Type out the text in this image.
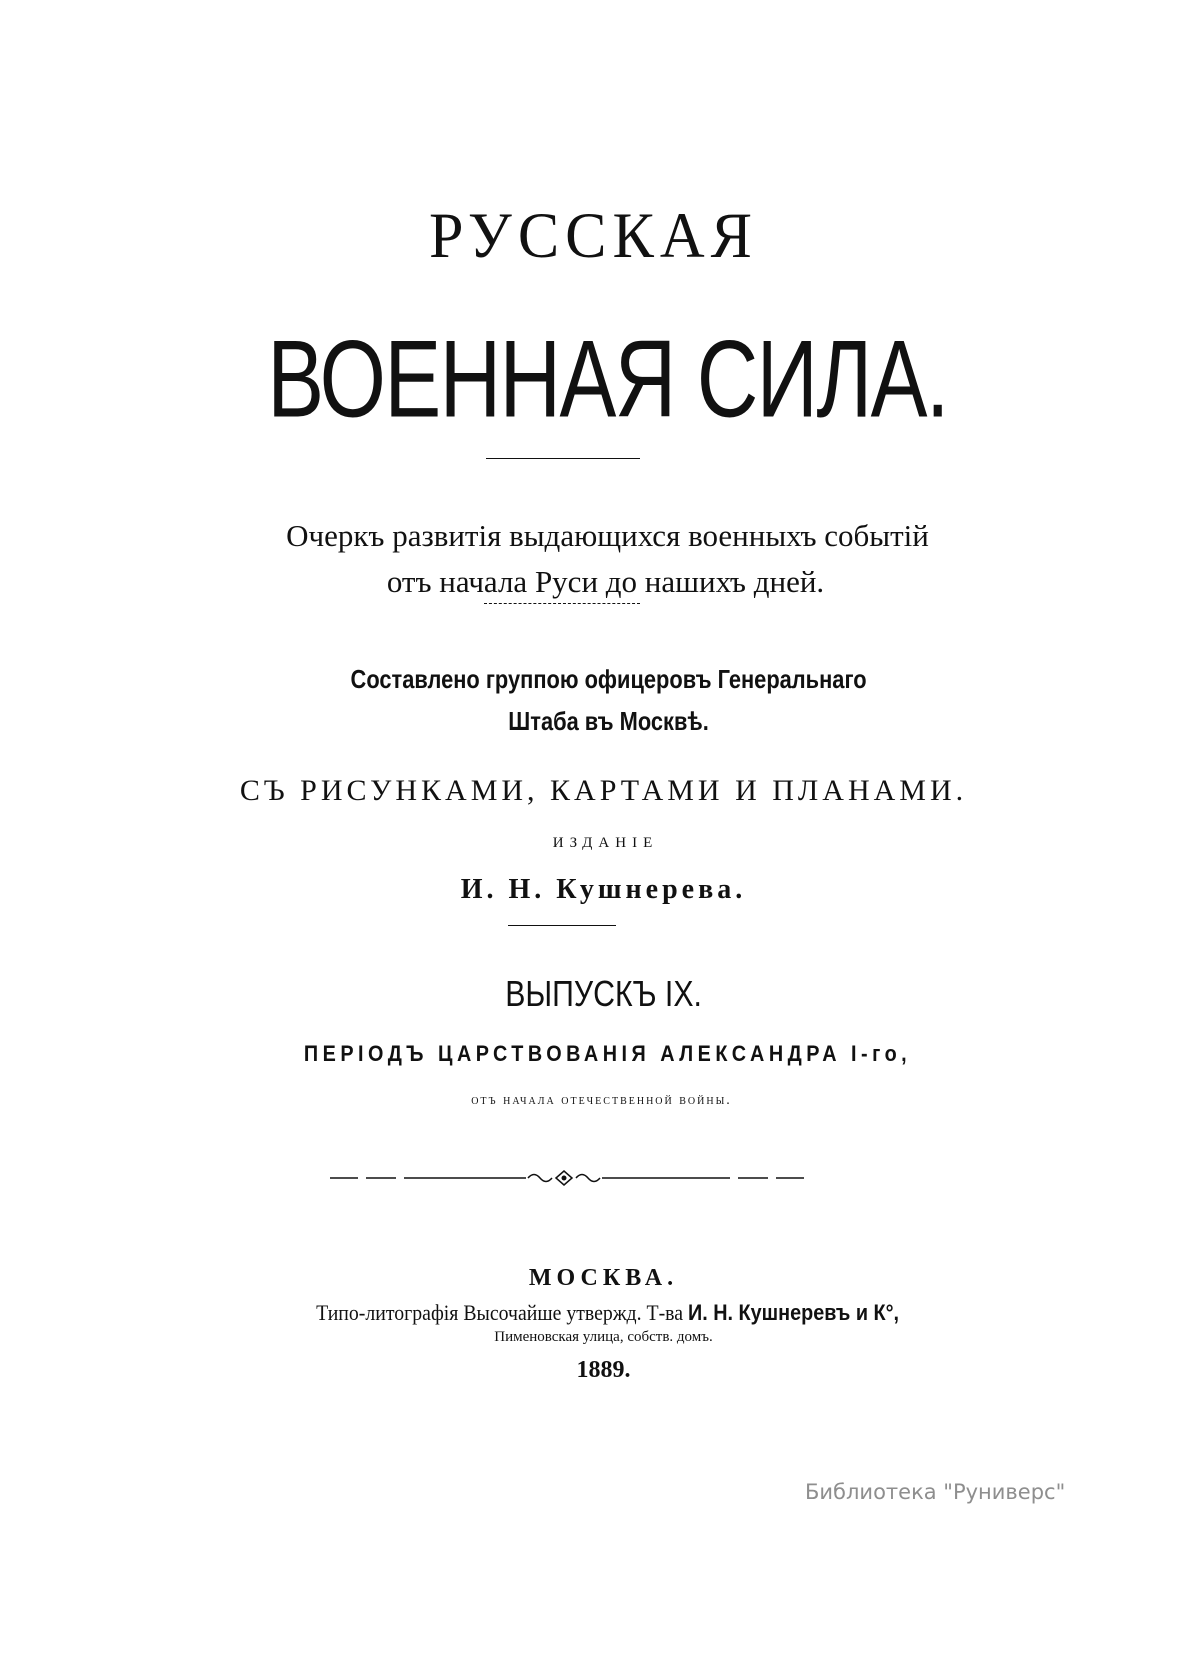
РУССКАЯ
ВОЕННАЯ СИЛА.
Очеркъ развитія выдающихся военныхъ событій
отъ начала Руси до нашихъ дней.
Составлено группою офицеровъ Генеральнаго
Штаба въ Москвѣ.
СЪ РИСУНКАМИ, КАРТАМИ И ПЛАНАМИ.
ИЗДАНІЕ
И. Н. Кушнерева.
ВЫПУСКЪ IX.
ПЕРІОДЪ ЦАРСТВОВАНІЯ АЛЕКСАНДРА I-го,
отъ начала отечественной войны.
МОСКВА.
Типо-литографія Высочайше утвержд. Т-ва И. Н. Кушнеревъ и К°,
Пименовская улица, собств. домъ.
1889.
Библиотека "Руниверс"
